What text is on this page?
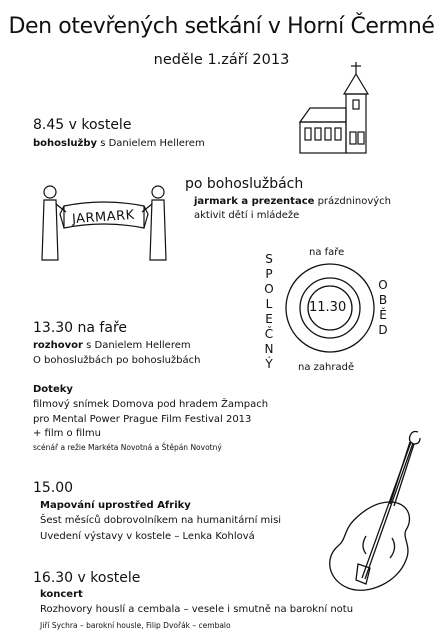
Den otevřených setkání v Horní Čermné
neděle 1.září 2013
8.45 v kostele
bohoslužby s Danielem Hellerem
JARMARK
po bohoslužbách
jarmark a prezentace prázdninových
aktivit dětí i mládeže
11.30
na faře
na zahradě
S
P
O
L
E
Č
N
Ý
O
B
Ě
D
13.30 na faře
rozhovor s Danielem Hellerem
O bohoslužbách po bohoslužbách
Doteky
filmový snímek Domova pod hradem Žampach
pro Mental Power Prague Film Festival 2013
+ film o filmu
scénář a režie Markéta Novotná a Štěpán Novotný
15.00
Mapování uprostřed Afriky
Šest měsíců dobrovolníkem na humanitární misi
Uvedení výstavy v kostele – Lenka Kohlová
16.30 v kostele
koncert
Rozhovory houslí a cembala – vesele i smutně na barokní notu
Jiří Sychra – barokní housle, Filip Dvořák – cembalo
